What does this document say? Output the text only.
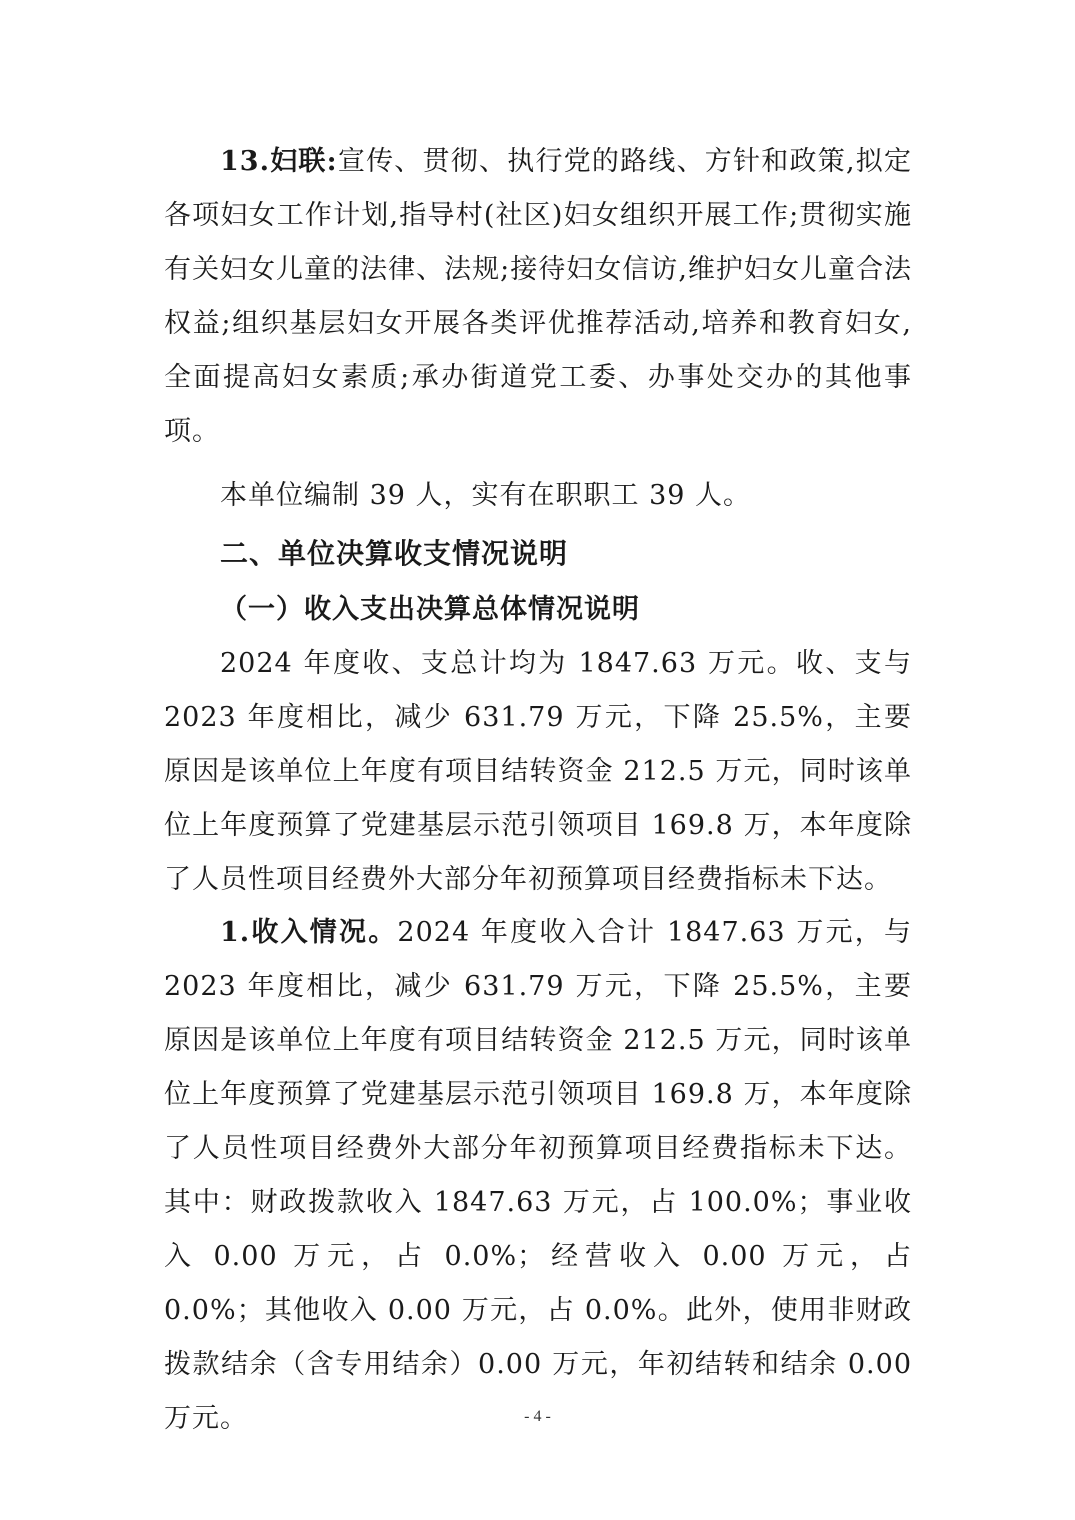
13.妇联:宣传、贯彻、执行党的路线、方针和政策,拟定各项妇女工作计划,指导村(社区)妇女组织开展工作;贯彻实施有关妇女儿童的法律、法规;接待妇女信访,维护妇女儿童合法权益;组织基层妇女开展各类评优推荐活动,培养和教育妇女,全面提高妇女素质;承办街道党工委、办事处交办的其他事项。

本单位编制 39 人，实有在职职工 39 人。

二、单位决算收支情况说明
（一）收入支出决算总体情况说明

2024 年度收、支总计均为 1847.63 万元。收、支与 2023 年度相比，减少 631.79 万元，下降 25.5%，主要原因是该单位上年度有项目结转资金 212.5 万元，同时该单位上年度预算了党建基层示范引领项目 169.8 万，本年度除了人员性项目经费外大部分年初预算项目经费指标未下达。

1.收入情况。2024 年度收入合计 1847.63 万元，与 2023 年度相比，减少 631.79 万元，下降 25.5%，主要原因是该单位上年度有项目结转资金 212.5 万元，同时该单位上年度预算了党建基层示范引领项目 169.8 万，本年度除了人员性项目经费外大部分年初预算项目经费指标未下达。其中：财政拨款收入 1847.63 万元，占 100.0%；事业收入 0.00 万元，占 0.0%；经营收入 0.00 万元，占 0.0%；其他收入 0.00 万元，占 0.0%。此外，使用非财政拨款结余（含专用结余）0.00 万元，年初结转和结余 0.00 万元。	- 4 -
